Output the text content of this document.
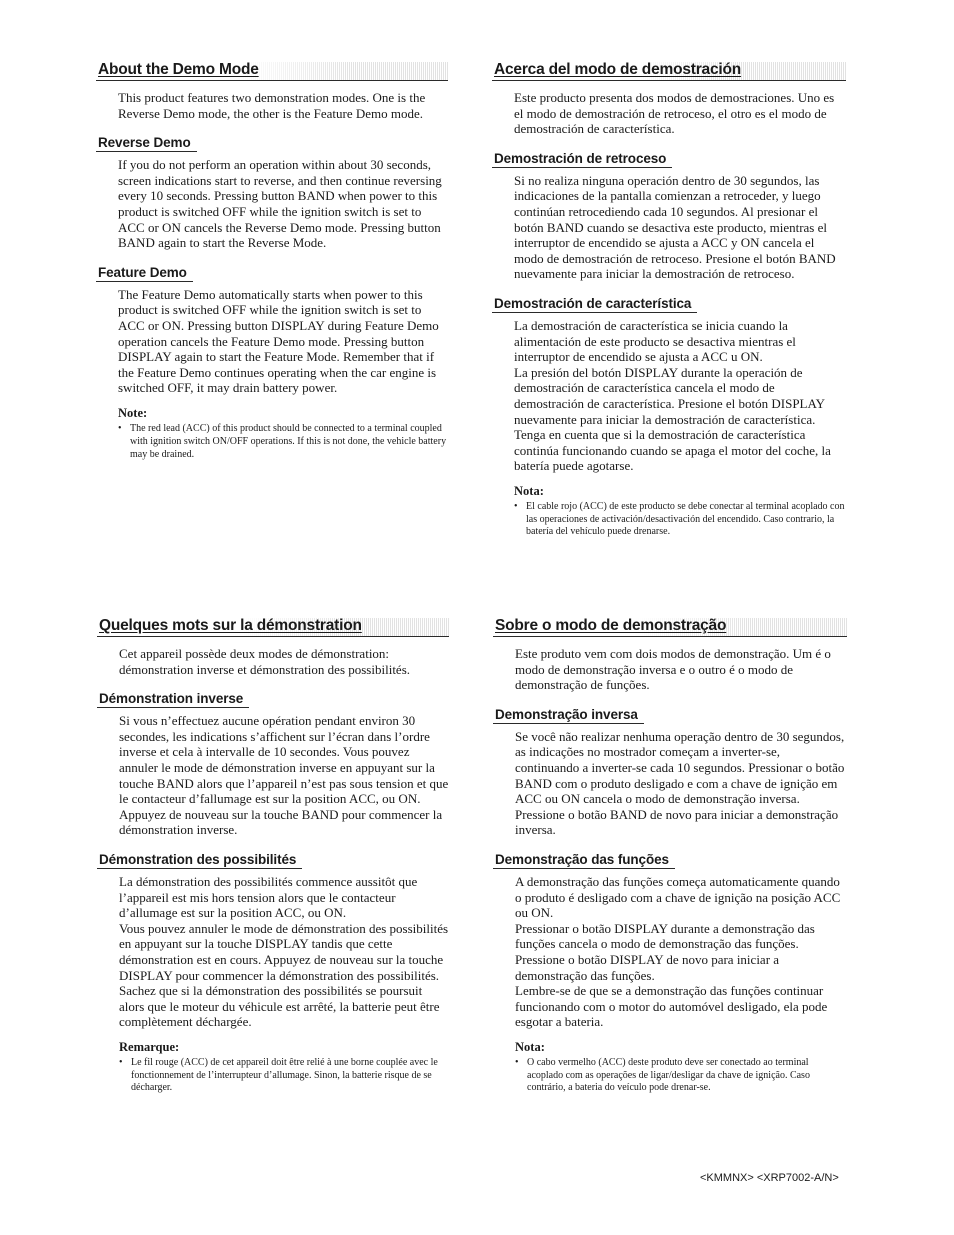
About the Demo Mode

This product features two demonstration modes. One is the Reverse Demo mode, the other is the Feature Demo mode.

Reverse Demo

If you do not perform an operation within about 30 seconds, screen indications start to reverse, and then continue reversing every 10 seconds. Pressing button BAND when power to this product is switched OFF while the ignition switch is set to ACC or ON cancels the Reverse Demo mode. Pressing button BAND again to start the Reverse Mode.

Feature Demo

The Feature Demo automatically starts when power to this product is switched OFF while the ignition switch is set to ACC or ON. Pressing button DISPLAY during Feature Demo operation cancels the Feature Demo mode. Pressing button DISPLAY again to start the Feature Mode. Remember that if the Feature Demo continues operating when the car engine is switched OFF, it may drain battery power.

Note:
• The red lead (ACC) of this product should be connected to a terminal coupled with ignition switch ON/OFF operations. If this is not done, the vehicle battery may be drained.
Acerca del modo de demostración

Este producto presenta dos modos de demostraciones. Uno es el modo de demostración de retroceso, el otro es el modo de demostración de característica.

Demostración de retroceso

Si no realiza ninguna operación dentro de 30 segundos, las indicaciones de la pantalla comienzan a retroceder, y luego continúan retrocediendo cada 10 segundos. Al presionar el botón BAND cuando se desactiva este producto, mientras el interruptor de encendido se ajusta a ACC y ON cancela el modo de demostración de retroceso. Presione el botón BAND nuevamente para iniciar la demostración de retroceso.

Demostración de característica

La demostración de característica se inicia cuando la alimentación de este producto se desactiva mientras el interruptor de encendido se ajusta a ACC u ON.
La presión del botón DISPLAY durante la operación de demostración de característica cancela el modo de demostración de característica. Presione el botón DISPLAY nuevamente para iniciar la demostración de característica.
Tenga en cuenta que si la demostración de característica continúa funcionando cuando se apaga el motor del coche, la batería puede agotarse.

Nota:
• El cable rojo (ACC) de este producto se debe conectar al terminal acoplado con las operaciones de activación/desactivación del encendido. Caso contrario, la batería del vehículo puede drenarse.
Quelques mots sur la démonstration

Cet appareil possède deux modes de démonstration: démonstration inverse et démonstration des possibilités.

Démonstration inverse

Si vous n’effectuez aucune opération pendant environ 30 secondes, les indications s’affichent sur l’écran dans l’ordre inverse et cela à intervalle de 10 secondes. Vous pouvez annuler le mode de démonstration inverse en appuyant sur la touche BAND alors que l’appareil n’est pas sous tension et que le contacteur d’fallumage est sur la position ACC, ou ON. Appuyez de nouveau sur la touche BAND pour commencer la démonstration inverse.

Démonstration des possibilités

La démonstration des possibilités commence aussitôt que l’appareil est mis hors tension alors que le contacteur d’allumage est sur la position ACC, ou ON.
Vous pouvez annuler le mode de démonstration des possibilités en appuyant sur la touche DISPLAY tandis que cette démonstration est en cours. Appuyez de nouveau sur la touche DISPLAY pour commencer la démonstration des possibilités.
Sachez que si la démonstration des possibilités se poursuit alors que le moteur du véhicule est arrêté, la batterie peut être complètement déchargée.

Remarque:
• Le fil rouge (ACC) de cet appareil doit être relié à une borne couplée avec le fonctionnement de l’interrupteur d’allumage. Sinon, la batterie risque de se décharger.
Sobre o modo de demonstração

Este produto vem com dois modos de demonstração. Um é o modo de demonstração inversa e o outro é o modo de demonstração de funções.

Demonstração inversa

Se você não realizar nenhuma operação dentro de 30 segundos, as indicações no mostrador começam a inverter-se, continuando a inverter-se cada 10 segundos. Pressionar o botão BAND com o produto desligado e com a chave de ignição em ACC ou ON cancela o modo de demonstração inversa. Pressione o botão BAND de novo para iniciar a demonstração inversa.

Demonstração das funções

A demonstração das funções começa automaticamente quando o produto é desligado com a chave de ignição na posição ACC ou ON.
Pressionar o botão DISPLAY durante a demonstração das funções cancela o modo de demonstração das funções. Pressione o botão DISPLAY de novo para iniciar a demonstração das funções.
Lembre-se de que se a demonstração das funções continuar funcionando com o motor do automóvel desligado, ela pode esgotar a bateria.

Nota:
• O cabo vermelho (ACC) deste produto deve ser conectado ao terminal acoplado com as operações de ligar/desligar da chave de ignição. Caso contrário, a bateria do veículo pode drenar-se.
<KMMNX> <XRP7002-A/N>
